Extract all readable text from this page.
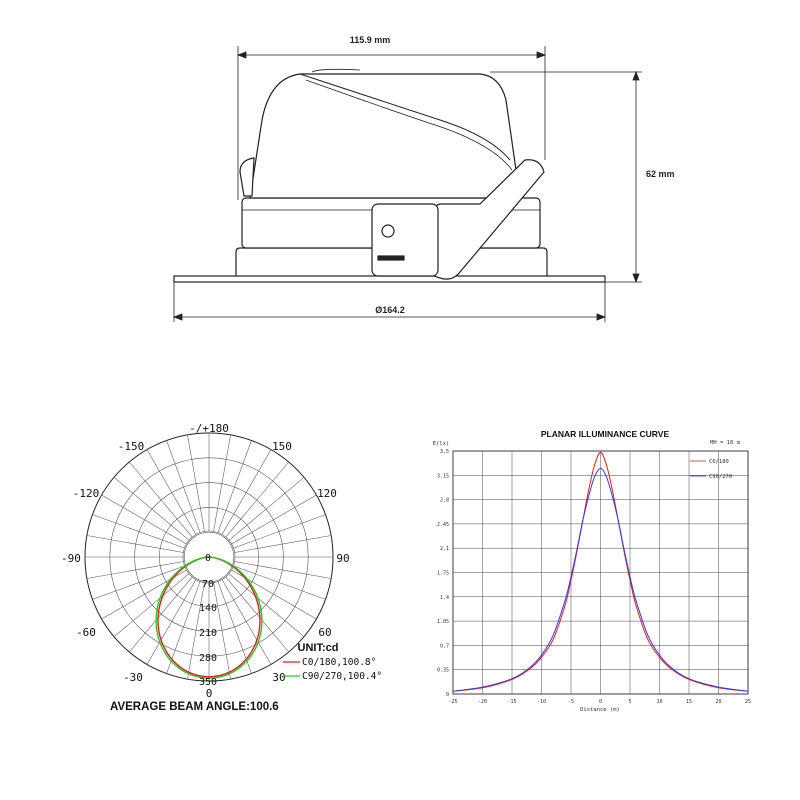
115.9 mm
62 mm
Ø164.2
-/+180
-150	150
-120	120
-90	90
-60	60
-30	30
0
0
70
140
210
280
350
UNIT:cd
C0/180,100.8°
C90/270,100.4°
AVERAGE BEAM ANGLE:100.6
PLANAR ILLUMINANCE CURVE
MH = 10 m
E(lx)
Distance (m)
-25	-20	-15	-10	-5	0	5	10	15	20	25
0
0.35
0.7
1.05
1.4
1.75
2.1
2.45
2.8
3.15
3.5
C0/180
C90/270
